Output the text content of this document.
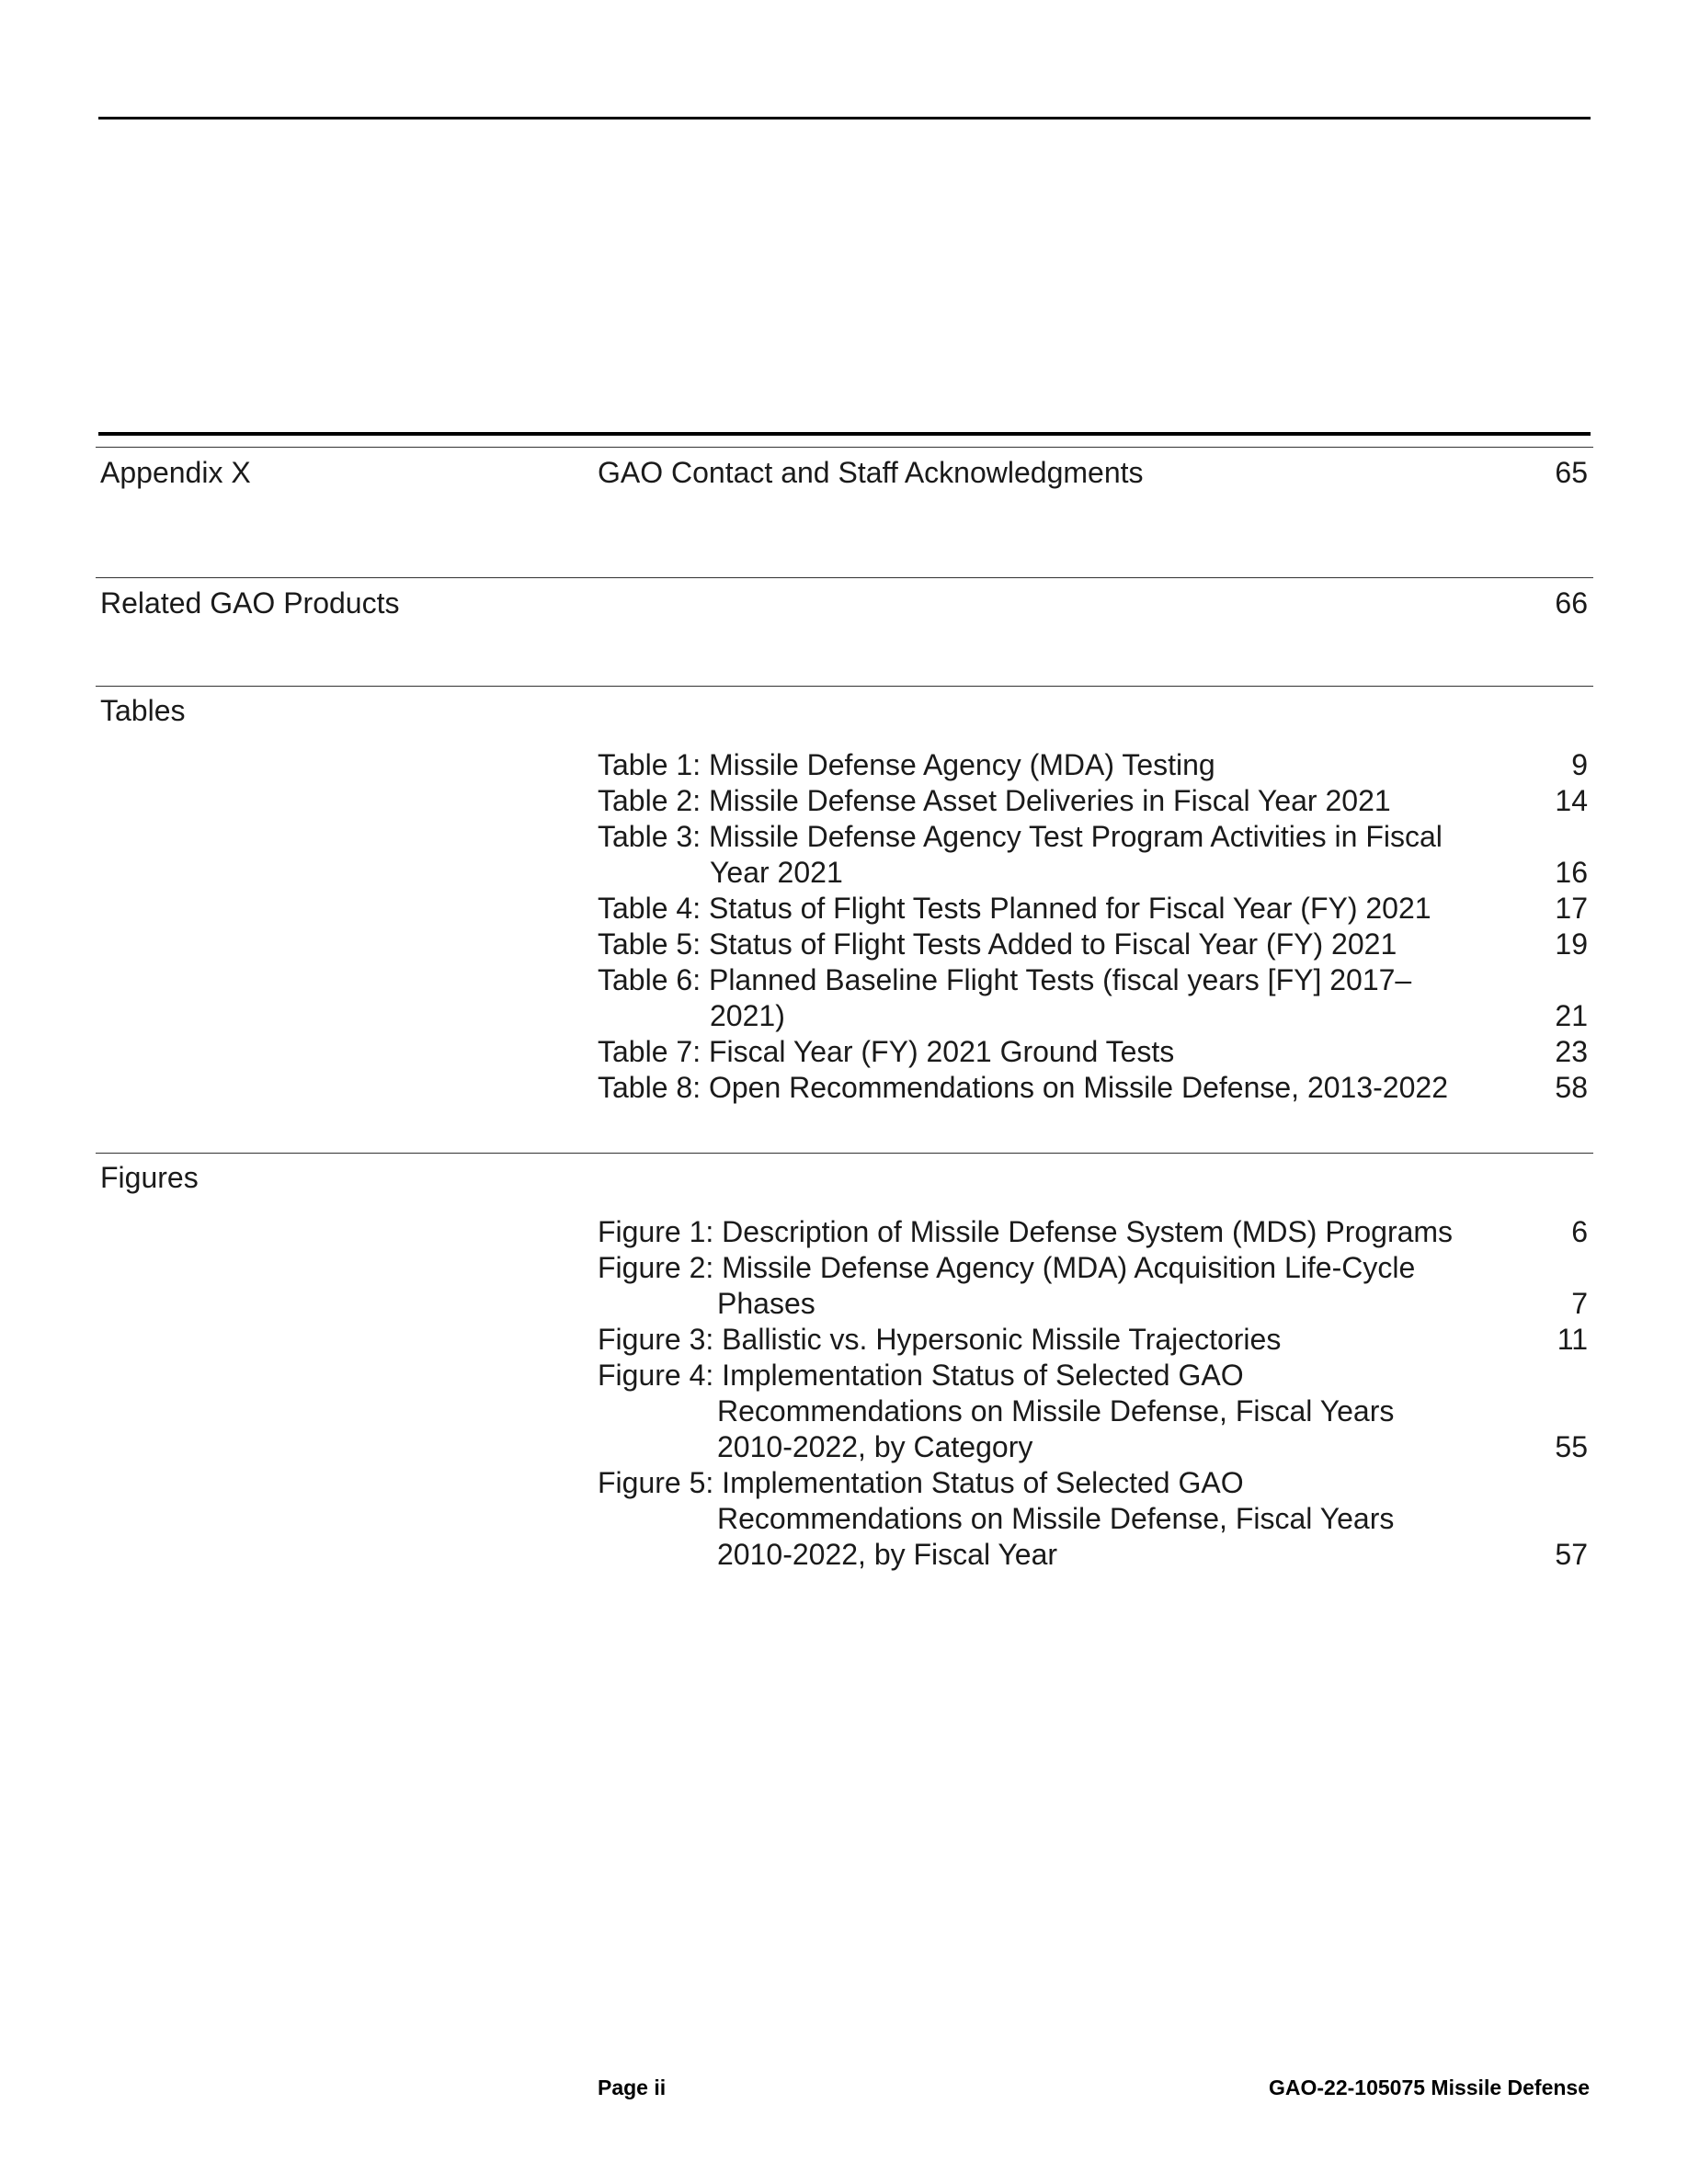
Appendix X	GAO Contact and Staff Acknowledgments	65
Related GAO Products	66
Tables
Table 1: Missile Defense Agency (MDA) Testing	9
Table 2: Missile Defense Asset Deliveries in Fiscal Year 2021	14
Table 3: Missile Defense Agency Test Program Activities in Fiscal
Year 2021	16
Table 4: Status of Flight Tests Planned for Fiscal Year (FY) 2021	17
Table 5: Status of Flight Tests Added to Fiscal Year (FY) 2021	19
Table 6: Planned Baseline Flight Tests (fiscal years [FY] 2017–
2021)	21
Table 7: Fiscal Year (FY) 2021 Ground Tests	23
Table 8: Open Recommendations on Missile Defense, 2013-2022	58
Figures
Figure 1: Description of Missile Defense System (MDS) Programs	6
Figure 2: Missile Defense Agency (MDA) Acquisition Life-Cycle
Phases	7
Figure 3: Ballistic vs. Hypersonic Missile Trajectories	11
Figure 4: Implementation Status of Selected GAO
Recommendations on Missile Defense, Fiscal Years
2010-2022, by Category	55
Figure 5: Implementation Status of Selected GAO
Recommendations on Missile Defense, Fiscal Years
2010-2022, by Fiscal Year	57
Page ii	GAO-22-105075 Missile Defense
